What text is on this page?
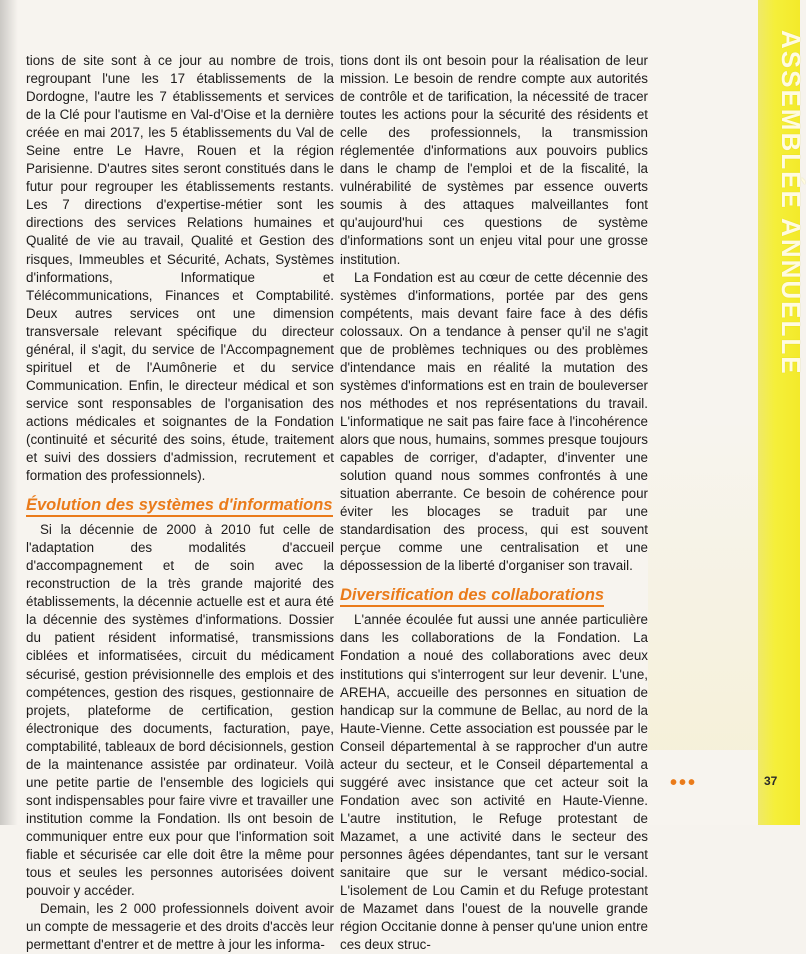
tions de site sont à ce jour au nombre de trois, regroupant l'une les 17 établissements de la Dordogne, l'autre les 7 établissements et services de la Clé pour l'autisme en Val-d'Oise et la dernière créée en mai 2017, les 5 établissements du Val de Seine entre Le Havre, Rouen et la région Parisienne. D'autres sites seront constitués dans le futur pour regrouper les établissements restants. Les 7 directions d'expertise-métier sont les directions des services Relations humaines et Qualité de vie au travail, Qualité et Gestion des risques, Immeubles et Sécurité, Achats, Systèmes d'informations, Informatique et Télécommunications, Finances et Comptabilité. Deux autres services ont une dimension transversale relevant spécifique du directeur général, il s'agit, du service de l'Accompagnement spirituel et de l'Aumônerie et du service Communication. Enfin, le directeur médical et son service sont responsables de l'organisation des actions médicales et soignantes de la Fondation (continuité et sécurité des soins, étude, traitement et suivi des dossiers d'admission, recrutement et formation des professionnels).

Évolution des systèmes d'informations

Si la décennie de 2000 à 2010 fut celle de l'adaptation des modalités d'accueil d'accompagnement et de soin avec la reconstruction de la très grande majorité des établissements, la décennie actuelle est et aura été la décennie des systèmes d'informations. Dossier du patient résident informatisé, transmissions ciblées et informatisées, circuit du médicament sécurisé, gestion prévisionnelle des emplois et des compétences, gestion des risques, gestionnaire de projets, plateforme de certification, gestion électronique des documents, facturation, paye, comptabilité, tableaux de bord décisionnels, gestion de la maintenance assistée par ordinateur. Voilà une petite partie de l'ensemble des logiciels qui sont indispensables pour faire vivre et travailler une institution comme la Fondation. Ils ont besoin de communiquer entre eux pour que l'information soit fiable et sécurisée car elle doit être la même pour tous et seules les personnes autorisées doivent pouvoir y accéder.

Demain, les 2 000 professionnels doivent avoir un compte de messagerie et des droits d'accès leur permettant d'entrer et de mettre à jour les informa-

tions dont ils ont besoin pour la réalisation de leur mission. Le besoin de rendre compte aux autorités de contrôle et de tarification, la nécessité de tracer toutes les actions pour la sécurité des résidents et celle des professionnels, la transmission réglementée d'informations aux pouvoirs publics dans le champ de l'emploi et de la fiscalité, la vulnérabilité de systèmes par essence ouverts soumis à des attaques malveillantes font qu'aujourd'hui ces questions de système d'informations sont un enjeu vital pour une grosse institution.

La Fondation est au cœur de cette décennie des systèmes d'informations, portée par des gens compétents, mais devant faire face à des défis colossaux. On a tendance à penser qu'il ne s'agit que de problèmes techniques ou des problèmes d'intendance mais en réalité la mutation des systèmes d'informations est en train de bouleverser nos méthodes et nos représentations du travail. L'informatique ne sait pas faire face à l'incohérence alors que nous, humains, sommes presque toujours capables de corriger, d'adapter, d'inventer une solution quand nous sommes confrontés à une situation aberrante. Ce besoin de cohérence pour éviter les blocages se traduit par une standardisation des process, qui est souvent perçue comme une centralisation et une dépossession de la liberté d'organiser son travail.

Diversification des collaborations

L'année écoulée fut aussi une année particulière dans les collaborations de la Fondation. La Fondation a noué des collaborations avec deux institutions qui s'interrogent sur leur devenir. L'une, AREHA, accueille des personnes en situation de handicap sur la commune de Bellac, au nord de la Haute-Vienne. Cette association est poussée par le Conseil départemental à se rapprocher d'un autre acteur du secteur, et le Conseil départemental a suggéré avec insistance que cet acteur soit la Fondation avec son activité en Haute-Vienne. L'autre institution, le Refuge protestant de Mazamet, a une activité dans le secteur des personnes âgées dépendantes, tant sur le versant sanitaire que sur le versant médico-social. L'isolement de Lou Camin et du Refuge protestant de Mazamet dans l'ouest de la nouvelle grande région Occitanie donne à penser qu'une union entre ces deux struc-

ASSEMBLÉE ANNUELLE
•••	37
